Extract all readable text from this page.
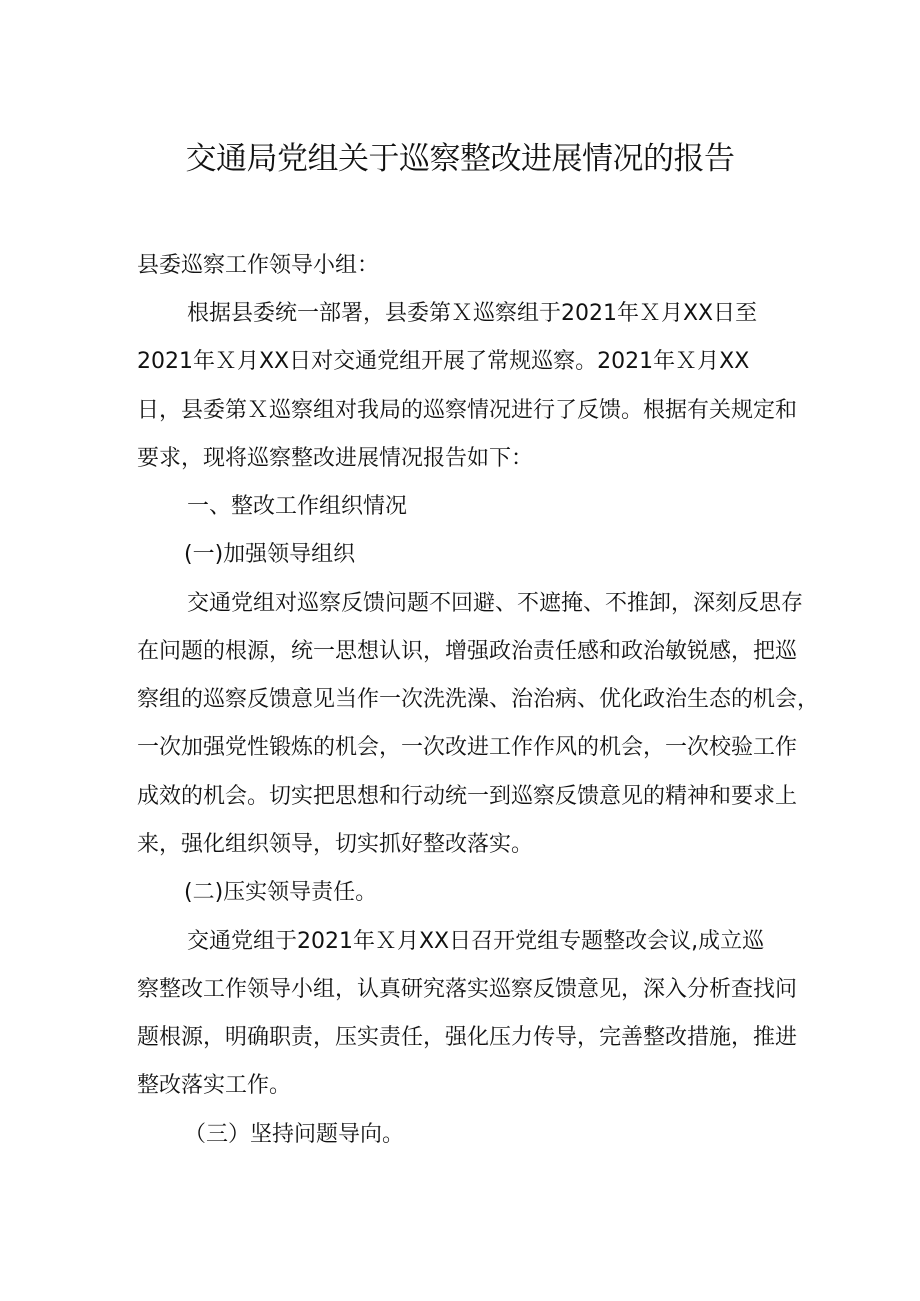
交通局党组关于巡察整改进展情况的报告
县委巡察工作领导小组：
根据县委统一部署，县委第Ｘ巡察组于2021年Ｘ月XX日至
2021年Ｘ月XX日对交通党组开展了常规巡察。2021年Ｘ月XX
日，县委第Ｘ巡察组对我局的巡察情况进行了反馈。根据有关规定和
要求，现将巡察整改进展情况报告如下：
一、整改工作组织情况
(一)加强领导组织
交通党组对巡察反馈问题不回避、不遮掩、不推卸，深刻反思存
在问题的根源，统一思想认识，增强政治责任感和政治敏锐感，把巡
察组的巡察反馈意见当作一次洗洗澡、治治病、优化政治生态的机会，
一次加强党性锻炼的机会，一次改进工作作风的机会，一次校验工作
成效的机会。切实把思想和行动统一到巡察反馈意见的精神和要求上
来，强化组织领导，切实抓好整改落实。
(二)压实领导责任。
交通党组于2021年Ｘ月XX日召开党组专题整改会议,成立巡
察整改工作领导小组，认真研究落实巡察反馈意见，深入分析查找问
题根源，明确职责，压实责任，强化压力传导，完善整改措施，推进
整改落实工作。
（三）坚持问题导向。
